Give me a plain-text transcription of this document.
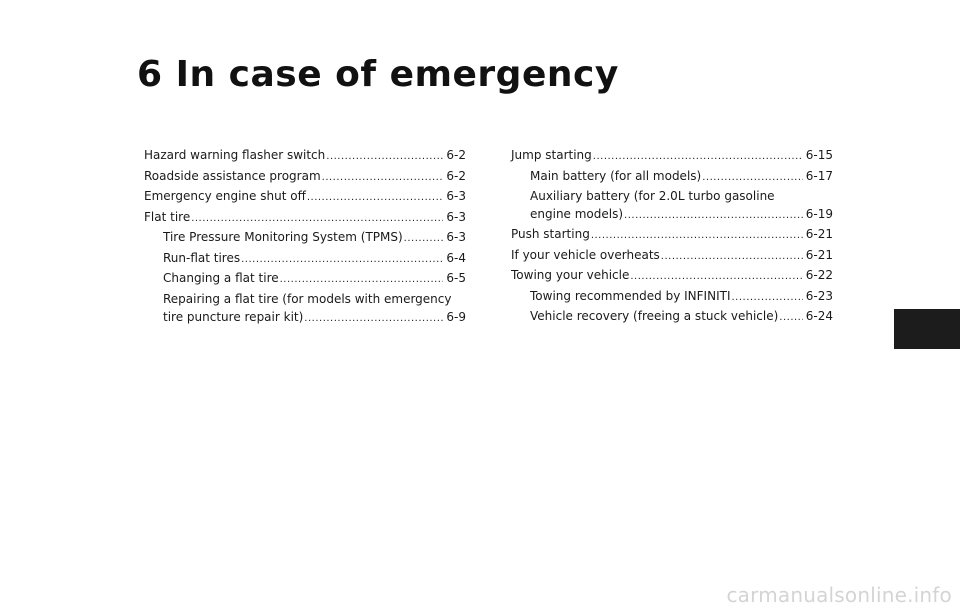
6 In case of emergency
Hazard warning flasher switch .....	6-2
Roadside assistance program .....	6-2
Emergency engine shut off .....	6-3
Flat tire .....	6-3
Tire Pressure Monitoring System (TPMS) .....	6-3
Run-flat tires .....	6-4
Changing a flat tire .....	6-5
Repairing a flat tire (for models with emergency
tire puncture repair kit) .....	6-9
Jump starting .....	6-15
Main battery (for all models) .....	6-17
Auxiliary battery (for 2.0L turbo gasoline
engine models) .....	6-19
Push starting .....	6-21
If your vehicle overheats .....	6-21
Towing your vehicle .....	6-22
Towing recommended by INFINITI .....	6-23
Vehicle recovery (freeing a stuck vehicle) ..... 6-24
carmanualsonline.info
